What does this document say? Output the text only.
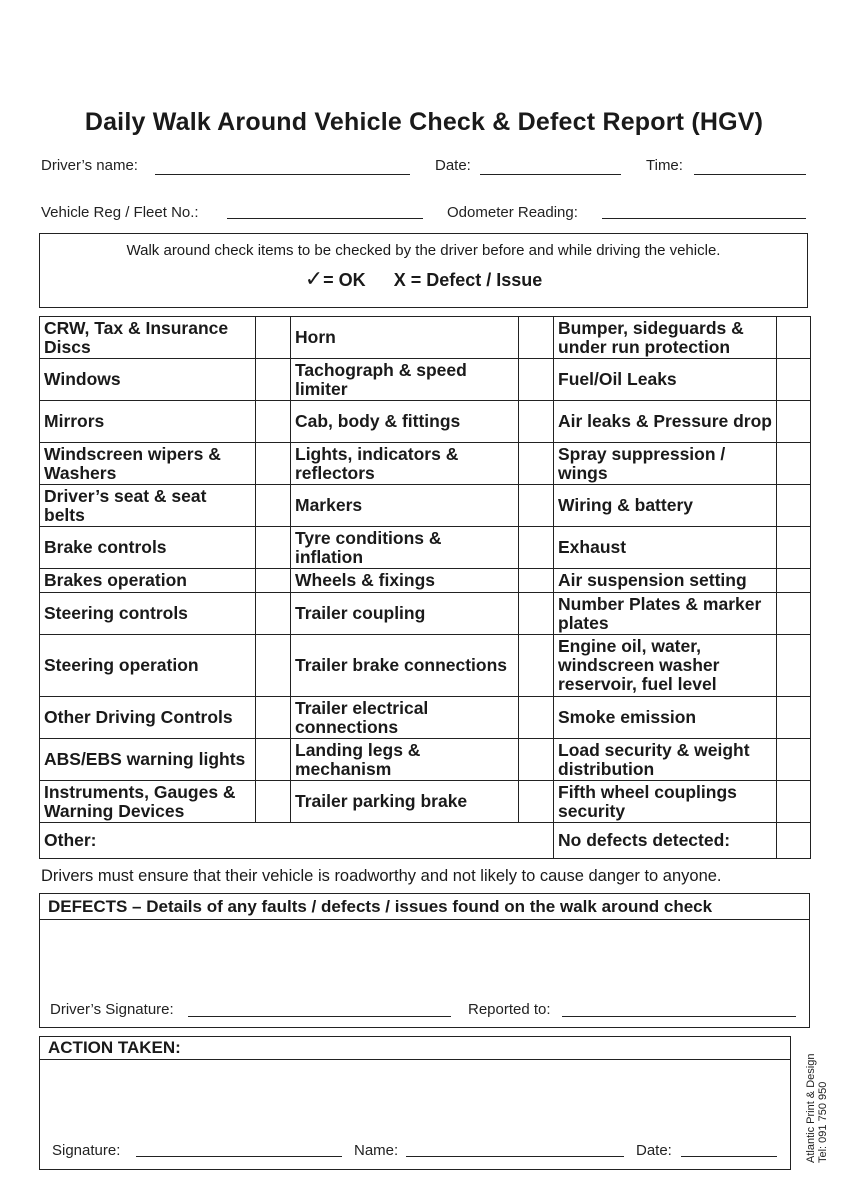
Daily Walk Around Vehicle Check & Defect Report (HGV)
Driver’s name:	Date:	Time:
Vehicle Reg / Fleet No.:	Odometer Reading:
Walk around check items to be checked by the driver before and while driving the vehicle.
✓= OK X = Defect / Issue
CRW, Tax & Insurance Discs		Horn		Bumper, sideguards & under run protection	
Windows		Tachograph & speed limiter		Fuel/Oil Leaks	
Mirrors		Cab, body & fittings		Air leaks & Pressure drop	
Windscreen wipers & Washers		Lights, indicators & reflectors		Spray suppression / wings	
Driver’s seat & seat belts		Markers		Wiring & battery	
Brake controls		Tyre conditions & inflation		Exhaust	
Brakes operation		Wheels & fixings		Air suspension setting	
Steering controls		Trailer coupling		Number Plates & marker plates	
Steering operation		Trailer brake connections		Engine oil, water, windscreen washer reservoir, fuel level	
Other Driving Controls		Trailer electrical connections		Smoke emission	
ABS/EBS warning lights		Landing legs & mechanism		Load security & weight distribution	
Instruments, Gauges & Warning Devices		Trailer parking brake		Fifth wheel couplings security	
Other:				No defects detected:	
Drivers must ensure that their vehicle is roadworthy and not likely to cause danger to anyone.
DEFECTS – Details of any faults / defects / issues found on the walk around check
Driver’s Signature:	Reported to:
ACTION TAKEN:
Signature:	Name:	Date:	Atlantic Print & Design Tel: 091 750 950
